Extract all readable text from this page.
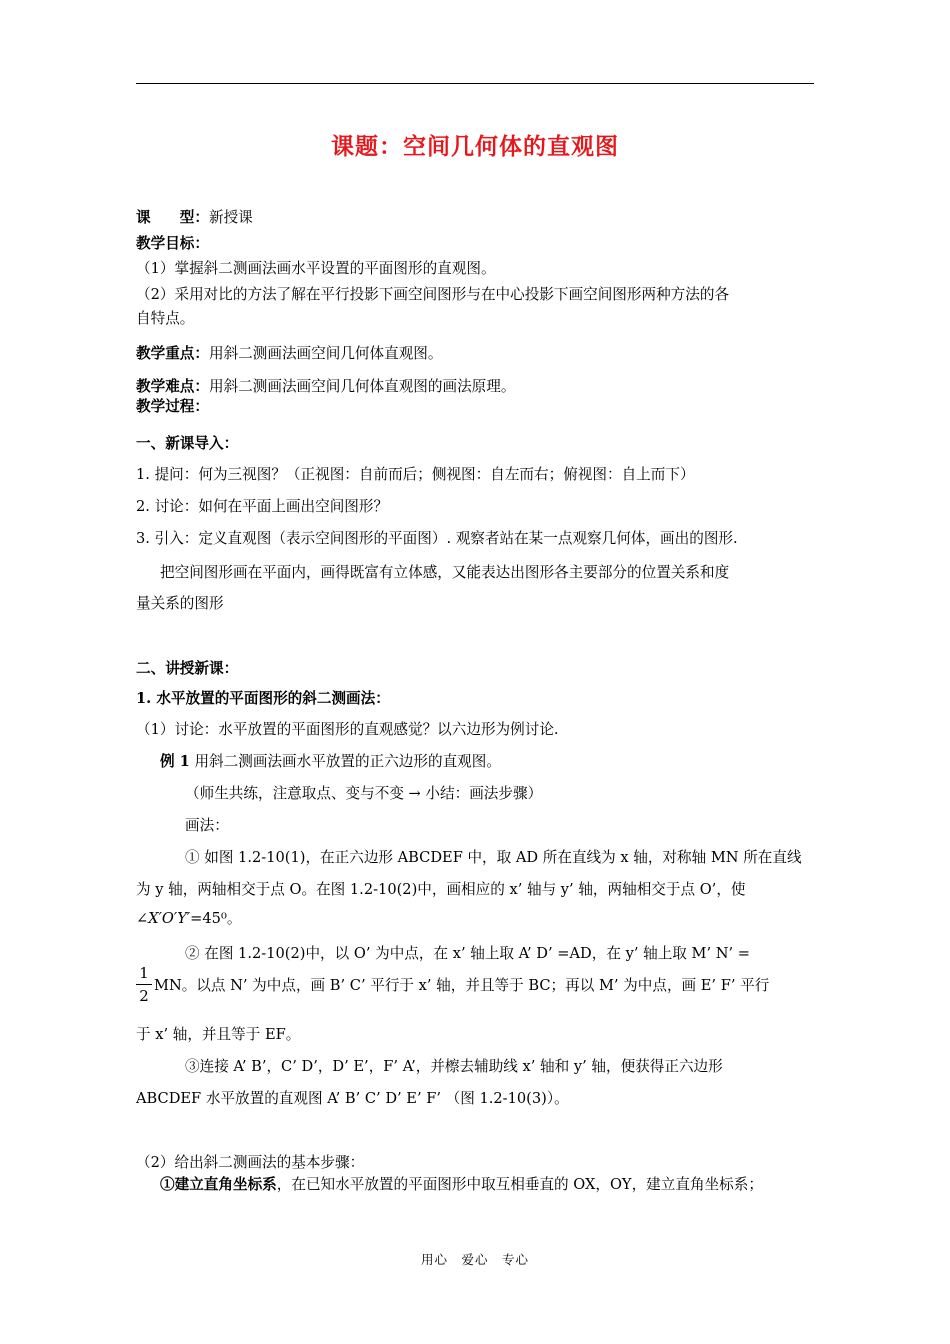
课题：空间几何体的直观图
课　　型：新授课
教学目标：
（1）掌握斜二测画法画水平设置的平面图形的直观图。
（2）采用对比的方法了解在平行投影下画空间图形与在中心投影下画空间图形两种方法的各
自特点。
教学重点：用斜二测画法画空间几何体直观图。
教学难点：用斜二测画法画空间几何体直观图的画法原理。
教学过程：
一、新课导入：
1. 提问：何为三视图？（正视图：自前而后；侧视图：自左而右；俯视图：自上而下）
2. 讨论：如何在平面上画出空间图形？
3. 引入：定义直观图（表示空间图形的平面图）. 观察者站在某一点观察几何体，画出的图形.
把空间图形画在平面内，画得既富有立体感，又能表达出图形各主要部分的位置关系和度
量关系的图形
二、讲授新课：
1. 水平放置的平面图形的斜二测画法：
（1）讨论：水平放置的平面图形的直观感觉？以六边形为例讨论.
例 1 用斜二测画法画水平放置的正六边形的直观图。
（师生共练，注意取点、变与不变 → 小结：画法步骤）
画法：
① 如图 1.2-10(1)，在正六边形 ABCDEF 中，取 AD 所在直线为 x 轴，对称轴 MN 所在直线
为 y 轴，两轴相交于点 O。在图 1.2-10(2)中，画相应的 x’ 轴与 y’ 轴，两轴相交于点 O’，使
∠X′O′Y′=45⁰。
② 在图 1.2-10(2)中，以 O’ 为中点，在 x’ 轴上取 A’ D’ =AD，在 y’ 轴上取 M’ N’ =
1
2
MN。以点 N’ 为中点，画 B’ C’ 平行于 x’ 轴，并且等于 BC；再以 M’ 为中点，画 E’ F’ 平行
于 x’ 轴，并且等于 EF。
③连接 A’ B’，C’ D’，D’ E’，F’ A’，并檫去辅助线 x’ 轴和 y’ 轴，便获得正六边形
ABCDEF 水平放置的直观图 A’ B’ C’ D’ E’ F’ （图 1.2-10(3)）。
（2）给出斜二测画法的基本步骤：
①建立直角坐标系，在已知水平放置的平面图形中取互相垂直的 OX，OY，建立直角坐标系；
用心　爱心　专心
